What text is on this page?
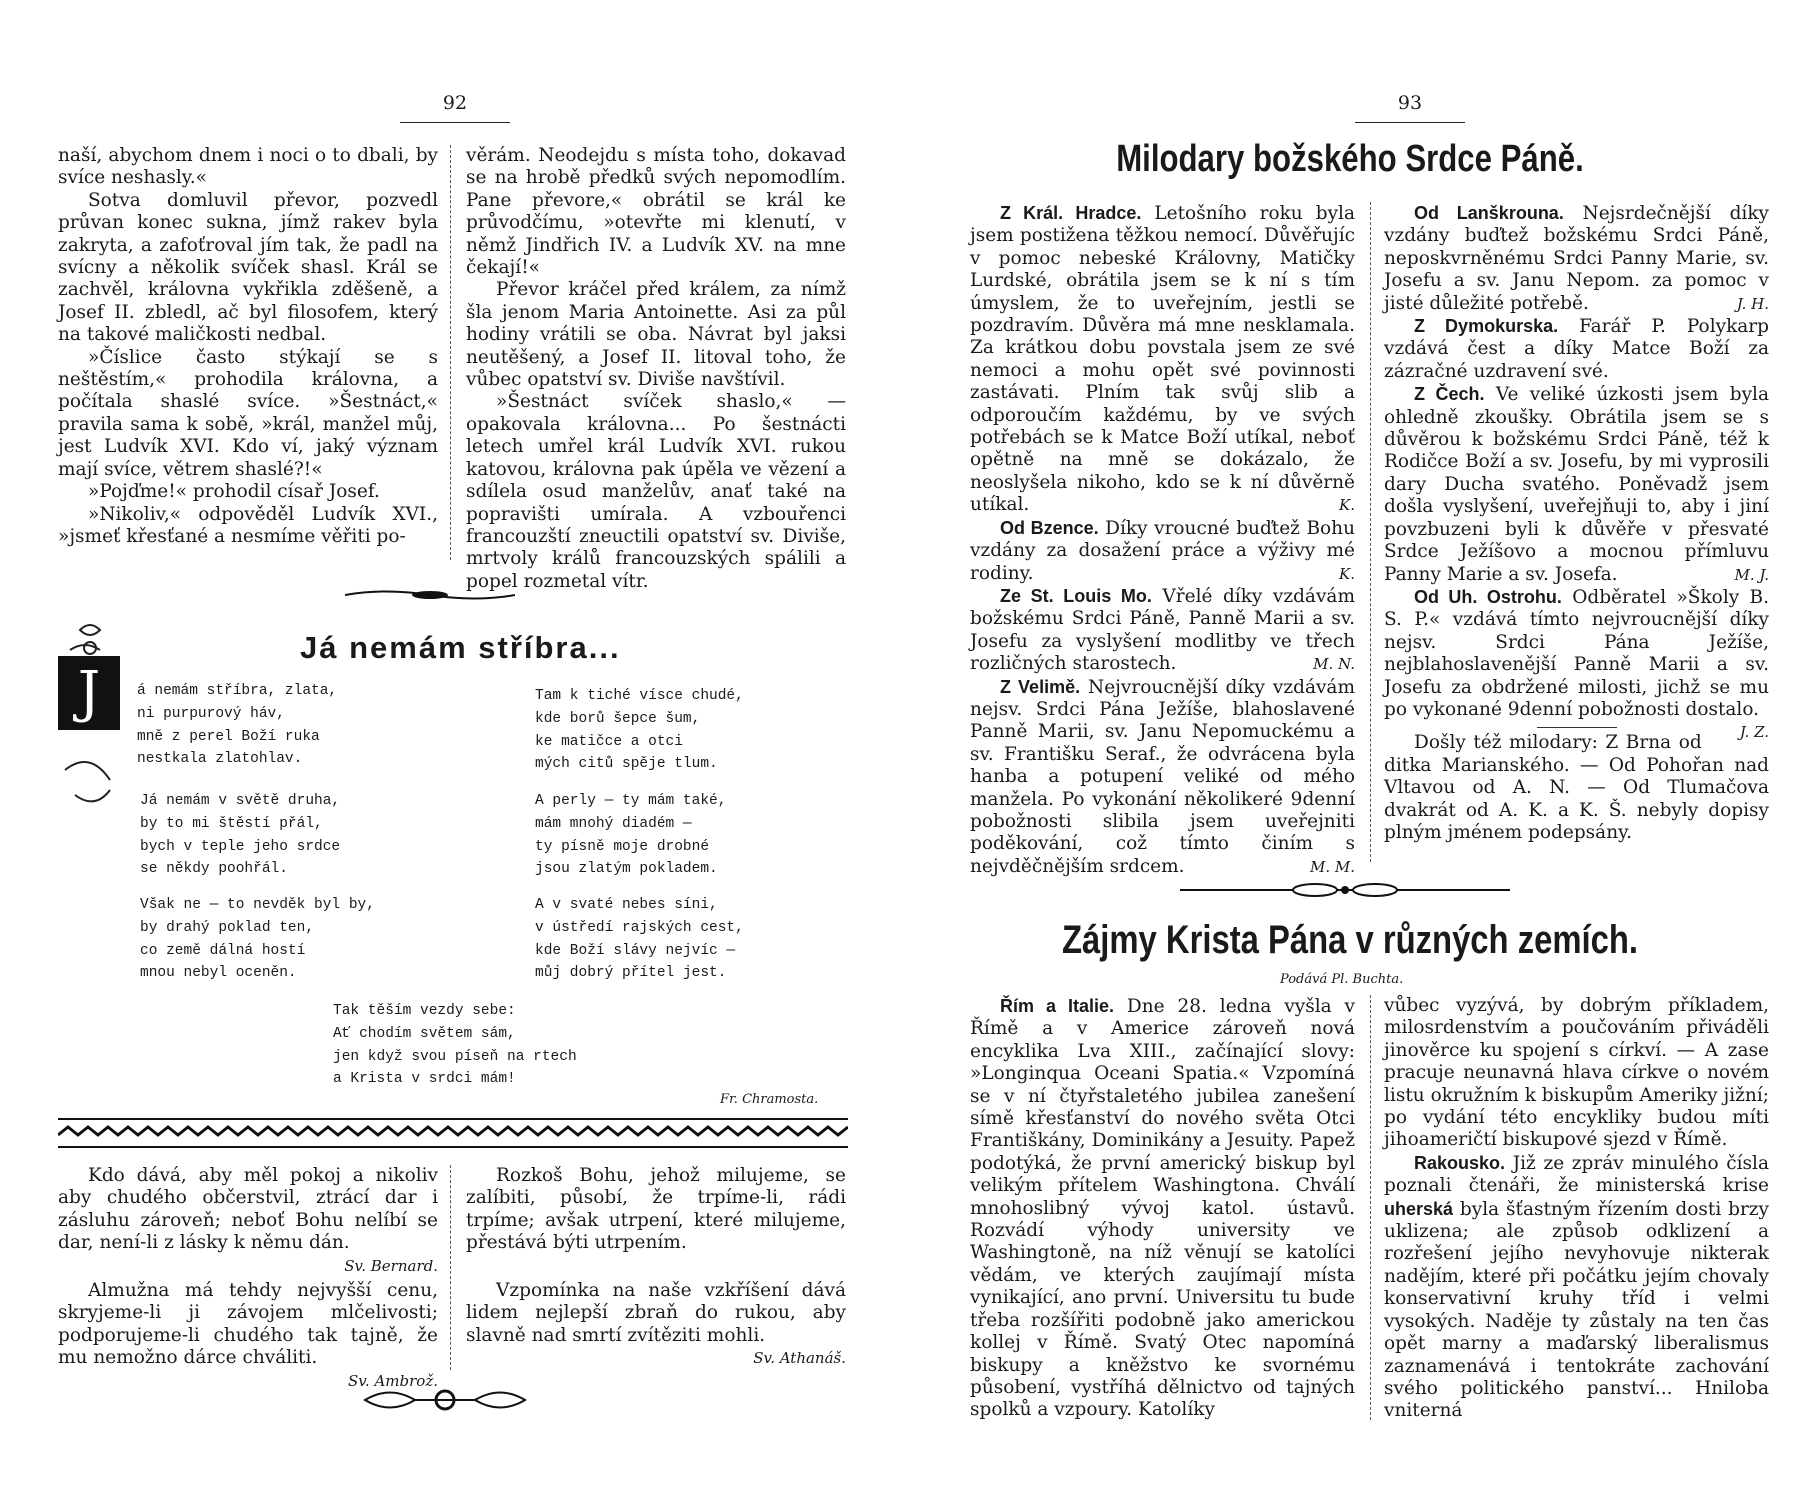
92

naší, abychom dnem i noci o to dbali, by svíce neshasly.«

Sotva domluvil převor, pozvedl průvan konec sukna, jímž rakev byla zakryta, a zafoťroval jím tak, že padl na svícny a několik svíček shasl. Král se zachvěl, královna vykřikla zděšeně, a Josef II. zbledl, ač byl filosofem, který na takové maličkosti nedbal.

»Číslice často stýkají se s neštěstím,« prohodila královna, a počítala shaslé svíce. »Šestnáct,« pravila sama k sobě, »král, manžel můj, jest Ludvík XVI. Kdo ví, jaký význam mají svíce, větrem shaslé?!«

»Pojďme!« prohodil císař Josef.

»Nikoliv,« odpověděl Ludvík XVI., »jsmeť křesťané a nesmíme věřiti po-

věrám. Neodejdu s místa toho, dokavad se na hrobě předků svých nepomodlím. Pane převore,« obrátil se král ke průvodčímu, »otevřte mi klenutí, v němž Jindřich IV. a Ludvík XV. na mne čekají!«

Převor kráčel před králem, za nímž šla jenom Maria Antoinette. Asi za půl hodiny vrátili se oba. Návrat byl jaksi neutěšený, a Josef II. litoval toho, že vůbec opatství sv. Diviše navštívil.

»Šestnáct svíček shaslo,« — opakovala královna... Po šestnácti letech umřel král Ludvík XVI. rukou katovou, královna pak úpěla ve vězení a sdílela osud manželův, anať také na popravišti umírala. A vzbouřenci francouzští zneuctili opatství sv. Diviše, mrtvoly králů francouzských spálili a popel rozmetal vítr.

J
Já nemám stříbra...
á nemám stříbra, zlata,
ni purpurový háv,
mně z perel Boží ruka
nestkala zlatohlav.
Já nemám v světě druha,
by to mi štěstí přál,
bych v teple jeho srdce
se někdy poohřál.
Však ne — to nevděk byl by,
by drahý poklad ten,
co země dálná hostí
mnou nebyl oceněn.
Tam k tiché vísce chudé,
kde borů šepce šum,
ke matičce a otci
mých citů spěje tlum.
A perly — ty mám také,
mám mnohý diadém —
ty písně moje drobné
jsou zlatým pokladem.
A v svaté nebes síni,
v ústředí rajských cest,
kde Boží slávy nejvíc —
můj dobrý přítel jest.
Tak těším vezdy sebe:
Ať chodím světem sám,
jen když svou píseň na rtech
a Krista v srdci mám!
Fr. Chramosta.

Kdo dává, aby měl pokoj a nikoliv aby chudého občerstvil, ztrácí dar i zásluhu zároveň; neboť Bohu nelíbí se dar, není-li z lásky k němu dán.
Sv. Bernard.

Almužna má tehdy nejvyšší cenu, skryjeme-li ji závojem mlčelivosti; podporujeme-li chudého tak tajně, že mu nemožno dárce chváliti.
Sv. Ambrož.

Rozkoš Bohu, jehož milujeme, se zalíbiti, působí, že trpíme-li, rádi trpíme; avšak utrpení, které milujeme, přestává býti utrpením.

Vzpomínka na naše vzkříšení dává lidem nejlepší zbraň do rukou, aby slavně nad smrtí zvítěziti mohli.
Sv. Athanáš.

93
Milodary božského Srdce Páně.

Z Král. Hradce. Letošního roku byla jsem postižena těžkou nemocí. Důvěřujíc v pomoc nebeské Královny, Matičky Lurdské, obrátila jsem se k ní s tím úmyslem, že to uveřejním, jestli se pozdravím. Důvěra má mne nesklamala. Za krátkou dobu povstala jsem ze své nemoci a mohu opět své povinnosti zastávati. Plním tak svůj slib a odporoučím každému, by ve svých potřebách se k Matce Boží utíkal, neboť opětně na mně se dokázalo, že neoslyšela nikoho, kdo se k ní důvěrně utíkal.	K.

Od Bzence. Díky vroucné buďtež Bohu vzdány za dosažení práce a výživy mé rodiny.	K.

Ze St. Louis Mo. Vřelé díky vzdávám božskému Srdci Páně, Panně Marii a sv. Josefu za vyslyšení modlitby ve třech rozličných starostech.	M. N.

Z Velimě. Nejvroucnější díky vzdávám nejsv. Srdci Pána Ježíše, blahoslavené Panně Marii, sv. Janu Nepomuckému a sv. Františku Seraf., že odvrácena byla hanba a potupení veliké od mého manžela. Po vykonání několikeré 9denní pobožnosti slibila jsem uveřejniti poděkování, což tímto činím s nejvděčnějším srdcem.	M. M.

Od Lanškrouna. Nejsrdečnější díky vzdány buďtež božskému Srdci Páně, neposkvrněnému Srdci Panny Marie, sv. Josefu a sv. Janu Nepom. za pomoc v jisté důležité potřebě.	J. H.

Z Dymokurska. Farář P. Polykarp vzdává čest a díky Matce Boží za zázračné uzdravení své.

Z Čech. Ve veliké úzkosti jsem byla ohledně zkoušky. Obrátila jsem se s důvěrou k božskému Srdci Páně, též k Rodičce Boží a sv. Josefu, by mi vyprosili dary Ducha svatého. Poněvadž jsem došla vyslyšení, uveřejňuji to, aby i jiní povzbuzeni byli k důvěře v přesvaté Srdce Ježíšovo a mocnou přímluvu Panny Marie a sv. Josefa.	M. J.

Od Uh. Ostrohu. Odběratel »Školy B. S. P.« vzdává tímto nejvroucnější díky nejsv. Srdci Pána Ježíše, nejblahoslavenější Panně Marii a sv. Josefu za obdržené milosti, jichž se mu po vykonané 9denní pobožnosti dostalo.
J. Z.

Došly též milodary: Z Brna od ditka Marianského. — Od Pohořan nad Vltavou od A. N. — Od Tlumačova dvakrát od A. K. a K. Š. nebyly dopisy plným jménem podepsány.

Zájmy Krista Pána v různých zemích.
Podává Pl. Buchta.

Řím a Italie. Dne 28. ledna vyšla v Římě a v Americe zároveň nová encyklika Lva XIII., začínající slovy: »Longinqua Oceani Spatia.« Vzpomíná se v ní čtyřstaletého jubilea zanešení símě křesťanství do nového světa Otci Františkány, Dominikány a Jesuity. Papež podotýká, že první americký biskup byl velikým přítelem Washingtona. Chválí mnohoslibný vývoj katol. ústavů. Rozvádí výhody university ve Washingtoně, na níž věnují se katolíci vědám, ve kterých zaujímají místa vynikající, ano první. Universitu tu bude třeba rozšířiti podobně jako americkou kollej v Římě. Svatý Otec napomíná biskupy a kněžstvo ke svornému působení, vystříhá dělnictvo od tajných spolků a vzpoury. Katolíky

vůbec vyzývá, by dobrým příkladem, milosrdenstvím a poučováním přiváděli jinověrce ku spojení s církví. — A zase pracuje neunavná hlava církve o novém listu okružním k biskupům Ameriky jižní; po vydání této encykliky budou míti jihoameričtí biskupové sjezd v Římě.

Rakousko. Již ze zpráv minulého čísla poznali čtenáři, že ministerská krise uherská byla šťastným řízením dosti brzy uklizena; ale způsob odklizení a rozřešení jejího nevyhovuje nikterak nadějím, které při počátku jejím chovaly konservativní kruhy tříd i velmi vysokých. Naděje ty zůstaly na ten čas opět marny a maďarský liberalismus zaznamenává i tentokráte zachování svého politického panství... Hniloba vniterná
